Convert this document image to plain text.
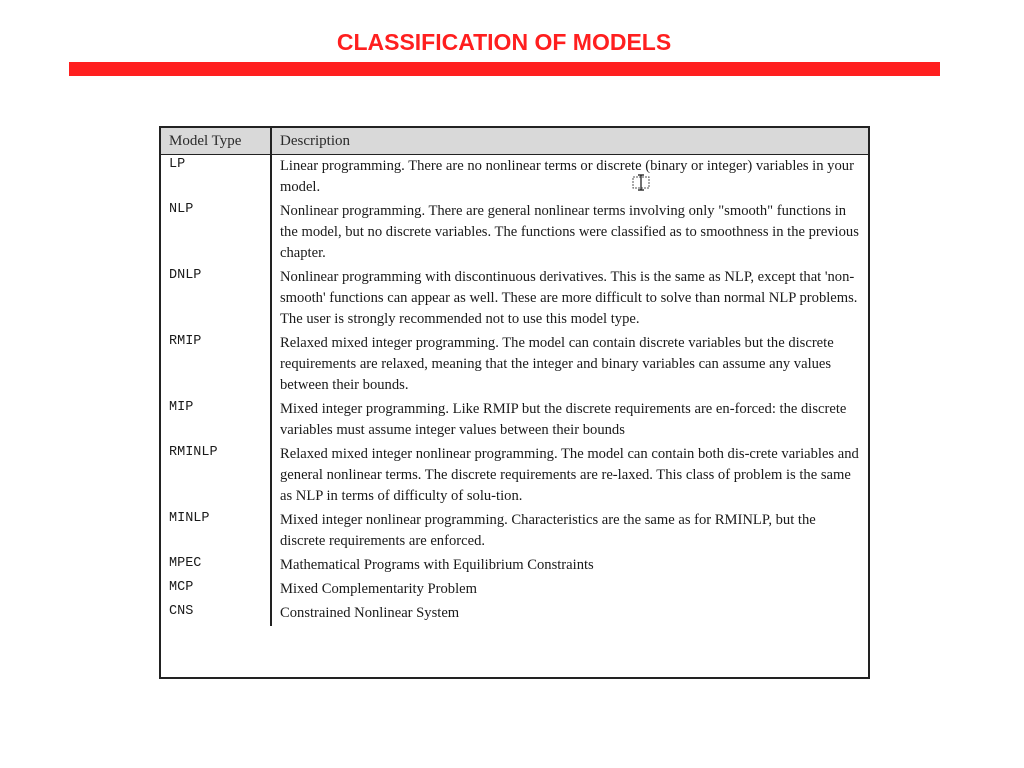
CLASSIFICATION OF MODELS
Model Type	Description
LP	Linear programming. There are no nonlinear terms or discrete (binary or integer) variables in your model.
NLP	Nonlinear programming. There are general nonlinear terms involving only "smooth" functions in the model, but no discrete variables. The functions were classified as to smoothness in the previous chapter.
DNLP	Nonlinear programming with discontinuous derivatives. This is the same as NLP, except that 'non-smooth' functions can appear as well. These are more difficult to solve than normal NLP problems. The user is strongly recommended not to use this model type.
RMIP	Relaxed mixed integer programming. The model can contain discrete variables but the discrete requirements are relaxed, meaning that the integer and binary variables can assume any values between their bounds.
MIP	Mixed integer programming. Like RMIP but the discrete requirements are en-forced: the discrete variables must assume integer values between their bounds
RMINLP	Relaxed mixed integer nonlinear programming. The model can contain both dis-crete variables and general nonlinear terms. The discrete requirements are re-laxed. This class of problem is the same as NLP in terms of difficulty of solu-tion.
MINLP	Mixed integer nonlinear programming. Characteristics are the same as for RMINLP, but the discrete requirements are enforced.
MPEC	Mathematical Programs with Equilibrium Constraints
MCP	Mixed Complementarity Problem
CNS	Constrained Nonlinear System
